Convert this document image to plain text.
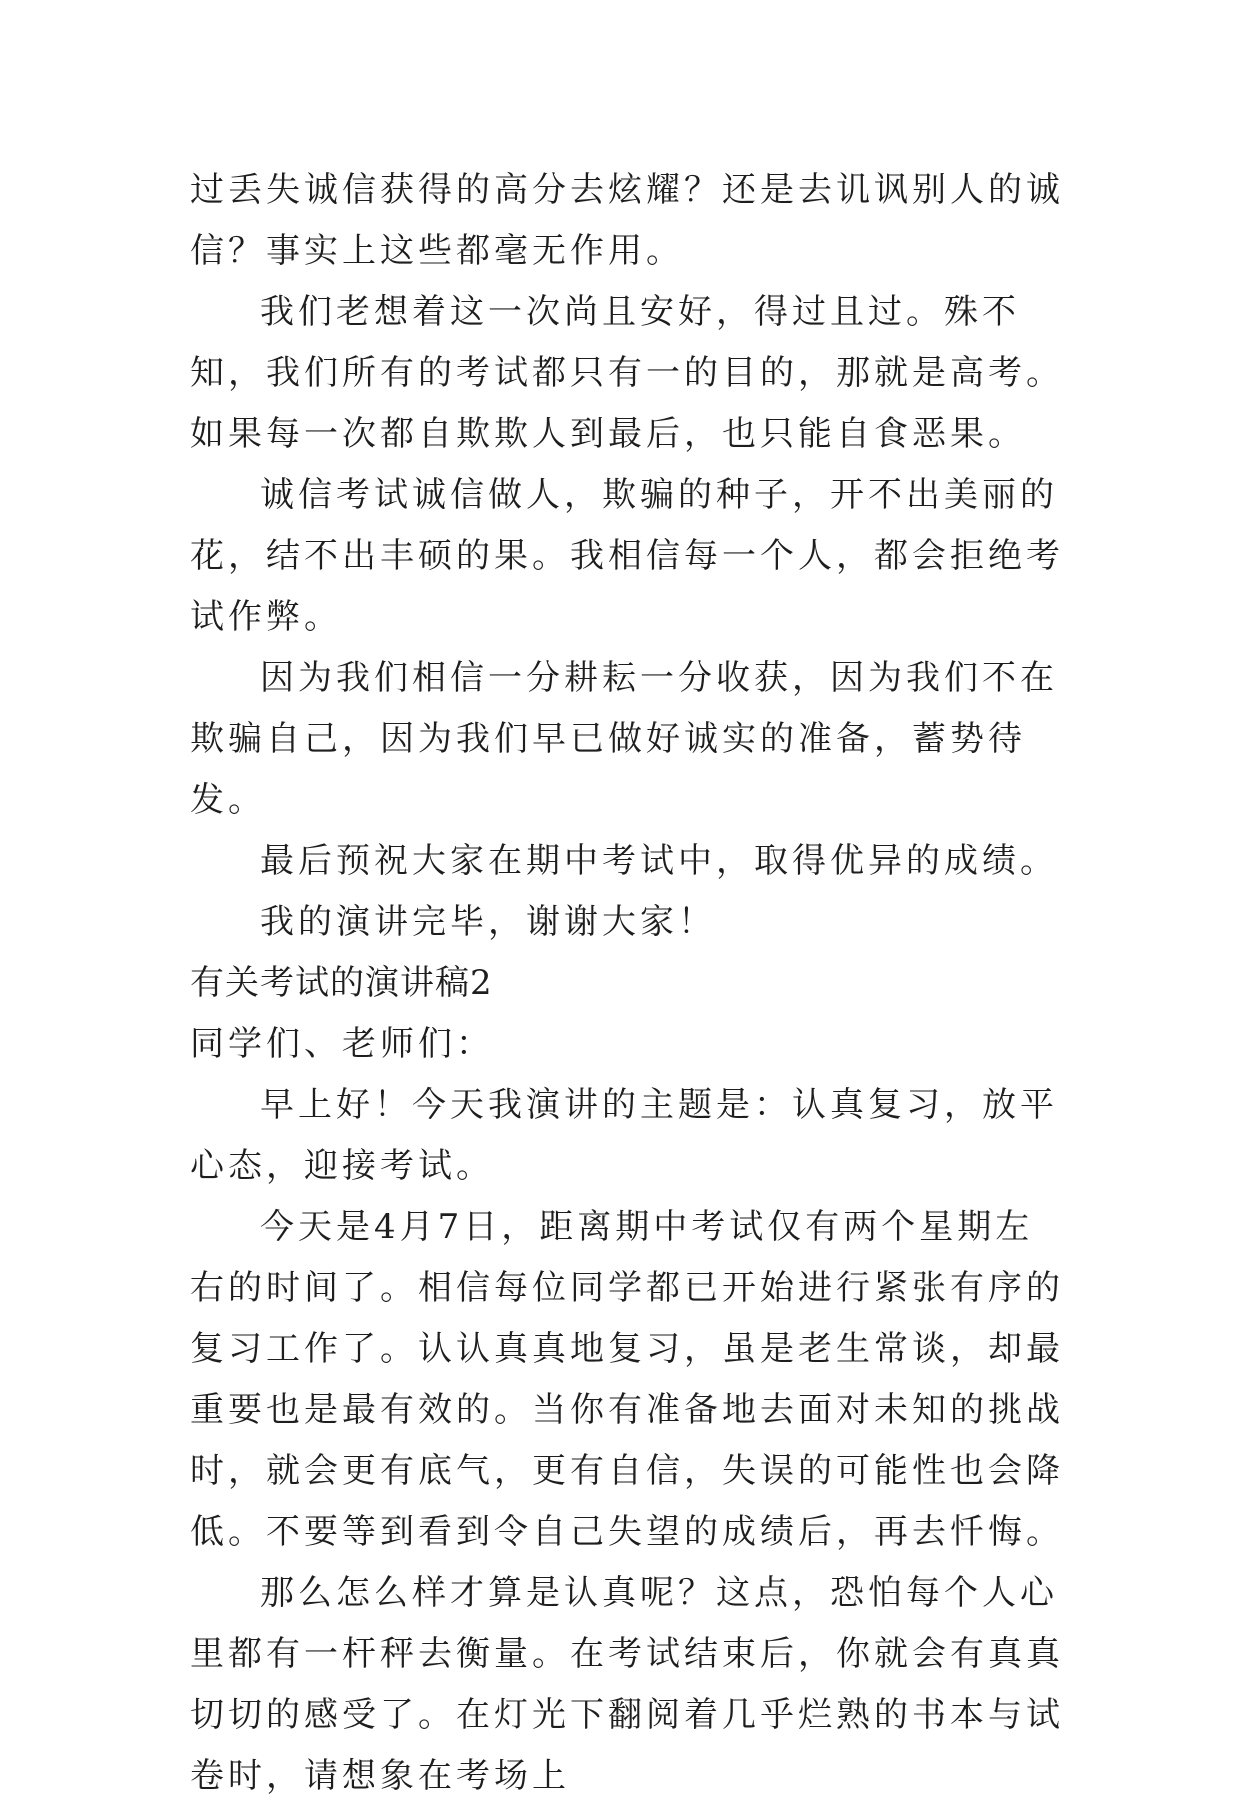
过丢失诚信获得的高分去炫耀？还是去讥讽别人的诚信？事实上这些都毫无作用。

我们老想着这一次尚且安好，得过且过。殊不知，我们所有的考试都只有一的目的，那就是高考。如果每一次都自欺欺人到最后，也只能自食恶果。

诚信考试诚信做人，欺骗的种子，开不出美丽的花，结不出丰硕的果。我相信每一个人，都会拒绝考试作弊。

因为我们相信一分耕耘一分收获，因为我们不在欺骗自己，因为我们早已做好诚实的准备，蓄势待发。

最后预祝大家在期中考试中，取得优异的成绩。

我的演讲完毕，谢谢大家！

有关考试的演讲稿2

同学们、老师们：

早上好！今天我演讲的主题是：认真复习，放平心态，迎接考试。

今天是4月7日，距离期中考试仅有两个星期左右的时间了。相信每位同学都已开始进行紧张有序的复习工作了。认认真真地复习，虽是老生常谈，却最重要也是最有效的。当你有准备地去面对未知的挑战时，就会更有底气，更有自信，失误的可能性也会降低。不要等到看到令自己失望的成绩后，再去忏悔。

那么怎么样才算是认真呢？这点，恐怕每个人心里都有一杆秤去衡量。在考试结束后，你就会有真真切切的感受了。在灯光下翻阅着几乎烂熟的书本与试卷时，请想象在考场上
